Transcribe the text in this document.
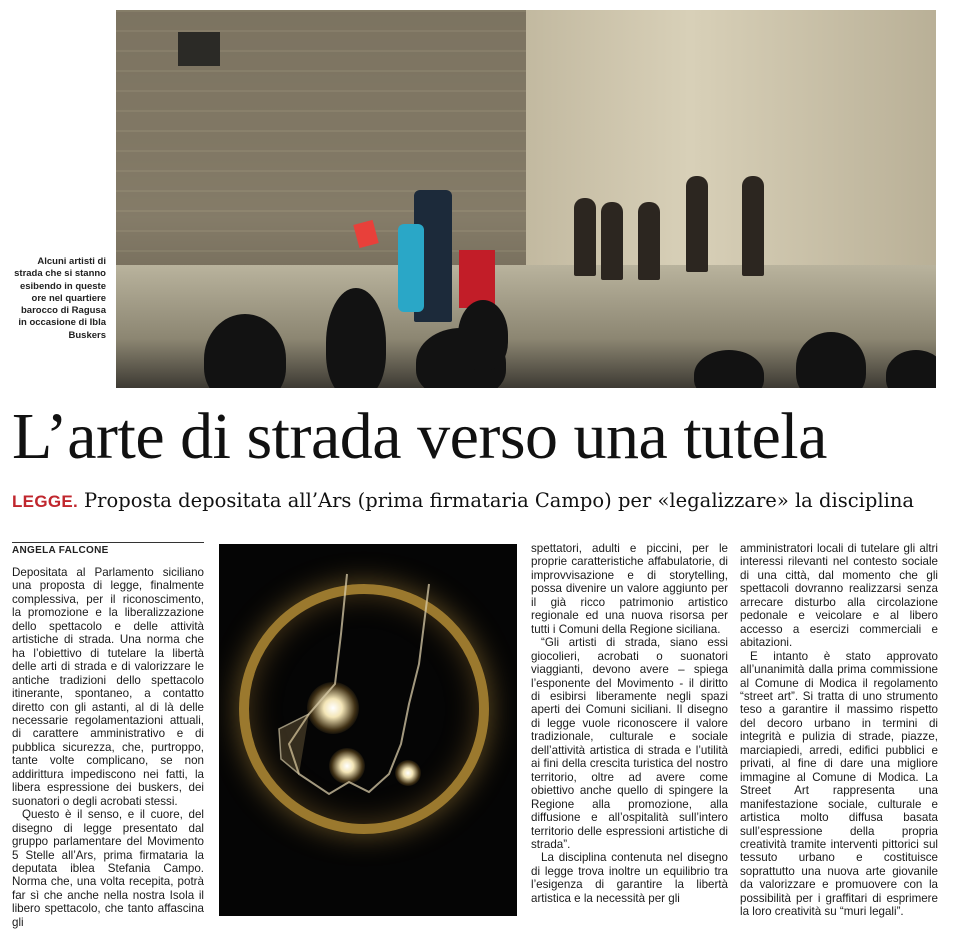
Alcuni artisti di strada che si stanno esibendo in queste ore nel quartiere barocco di Ragusa in occasione di Ibla Buskers
L’arte di strada verso una tutela
LEGGE. Proposta depositata all’Ars (prima firmataria Campo) per «legalizzare» la disciplina
ANGELA FALCONE

Depositata al Parlamento siciliano una proposta di legge, finalmente complessiva, per il riconoscimento, la promozione e la liberalizzazione dello spettacolo e delle attività artistiche di strada. Una norma che ha l’obiettivo di tutelare la libertà delle arti di strada e di valorizzare le antiche tradizioni dello spettacolo itinerante, spontaneo, a contatto diretto con gli astanti, al di là delle necessarie regolamentazioni attuali, di carattere amministrativo e di pubblica sicurezza, che, purtroppo, tante volte complicano, se non addirittura impediscono nei fatti, la libera espressione dei buskers, dei suonatori o degli acrobati stessi.

Questo è il senso, e il cuore, del disegno di legge presentato dal gruppo parlamentare del Movimento 5 Stelle all’Ars, prima firmataria la deputata iblea Stefania Campo. Norma che, una volta recepita, potrà far sì che anche nella nostra Isola il libero spettacolo, che tanto affascina gli

spettatori, adulti e piccini, per le proprie caratteristiche affabulatorie, di improvvisazione e di storytelling, possa divenire un valore aggiunto per il già ricco patrimonio artistico regionale ed una nuova risorsa per tutti i Comuni della Regione siciliana.

“Gli artisti di strada, siano essi giocolieri, acrobati o suonatori viaggianti, devono avere – spiega l’esponente del Movimento - il diritto di esibirsi liberamente negli spazi aperti dei Comuni siciliani. Il disegno di legge vuole riconoscere il valore tradizionale, culturale e sociale dell’attività artistica di strada e l’utilità ai fini della crescita turistica del nostro territorio, oltre ad avere come obiettivo anche quello di spingere la Regione alla promozione, alla diffusione e all’ospitalità sull’intero territorio delle espressioni artistiche di strada”.

La disciplina contenuta nel disegno di legge trova inoltre un equilibrio tra l’esigenza di garantire la libertà artistica e la necessità per gli

amministratori locali di tutelare gli altri interessi rilevanti nel contesto sociale di una città, dal momento che gli spettacoli dovranno realizzarsi senza arrecare disturbo alla circolazione pedonale e veicolare e al libero accesso a esercizi commerciali e abitazioni.

E intanto è stato approvato all’unanimità dalla prima commissione al Comune di Modica il regolamento “street art”. Si tratta di uno strumento teso a garantire il massimo rispetto del decoro urbano in termini di integrità e pulizia di strade, piazze, marciapiedi, arredi, edifici pubblici e privati, al fine di dare una migliore immagine al Comune di Modica. La Street Art rappresenta una manifestazione sociale, culturale e artistica molto diffusa basata sull’espressione della propria creatività tramite interventi pittorici sul tessuto urbano e costituisce soprattutto una nuova arte giovanile da valorizzare e promuovere con la possibilità per i graffitari di esprimere la loro creatività su “muri legali”.
